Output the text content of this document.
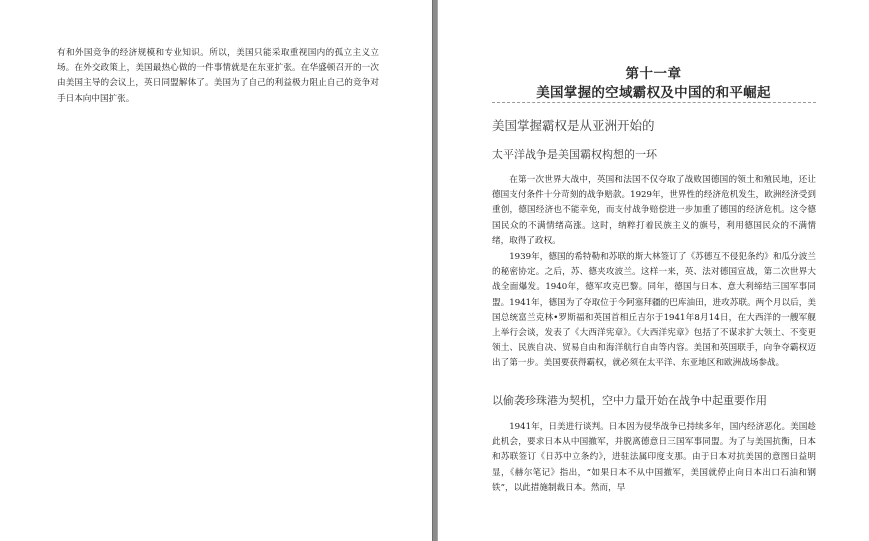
有和外国竞争的经济规模和专业知识。所以，美国只能采取重视国内的孤立主义立场。在外交政策上，美国最热心做的一件事情就是在东亚扩张。在华盛顿召开的一次由美国主导的会议上，英日同盟解体了。美国为了自己的利益极力阻止自己的竞争对手日本向中国扩张。

第十一章
美国掌握的空域霸权及中国的和平崛起
美国掌握霸权是从亚洲开始的
太平洋战争是美国霸权构想的一环

在第一次世界大战中，英国和法国不仅夺取了战败国德国的领土和殖民地，还让德国支付条件十分苛刻的战争赔款。1929年，世界性的经济危机发生，欧洲经济受到重创，德国经济也不能幸免，而支付战争赔偿进一步加重了德国的经济危机。这令德国民众的不满情绪高涨。这时，纳粹打着民族主义的旗号，利用德国民众的不满情绪，取得了政权。

1939年，德国的希特勒和苏联的斯大林签订了《苏德互不侵犯条约》和瓜分波兰的秘密协定。之后，苏、德夹攻波兰。这样一来，英、法对德国宣战，第二次世界大战全面爆发。1940年，德军攻克巴黎。同年，德国与日本、意大利缔结三国军事同盟。1941年，德国为了夺取位于今阿塞拜疆的巴库油田，进攻苏联。两个月以后，美国总统富兰克林•罗斯福和英国首相丘吉尔于1941年8月14日，在大西洋的一艘军舰上举行会谈，发表了《大西洋宪章》。《大西洋宪章》包括了不谋求扩大领土、不变更领土、民族自决、贸易自由和海洋航行自由等内容。美国和英国联手，向争夺霸权迈出了第一步。美国要获得霸权，就必须在太平洋、东亚地区和欧洲战场参战。

以偷袭珍珠港为契机，空中力量开始在战争中起重要作用

1941年，日美进行谈判。日本因为侵华战争已持续多年，国内经济恶化。美国趁此机会，要求日本从中国撤军，并脱离德意日三国军事同盟。为了与美国抗衡，日本和苏联签订《日苏中立条约》，进驻法属印度支那。由于日本对抗美国的意图日益明显，《赫尔笔记》指出，“如果日本不从中国撤军，美国就停止向日本出口石油和钢铁”，以此措施制裁日本。然而，早
